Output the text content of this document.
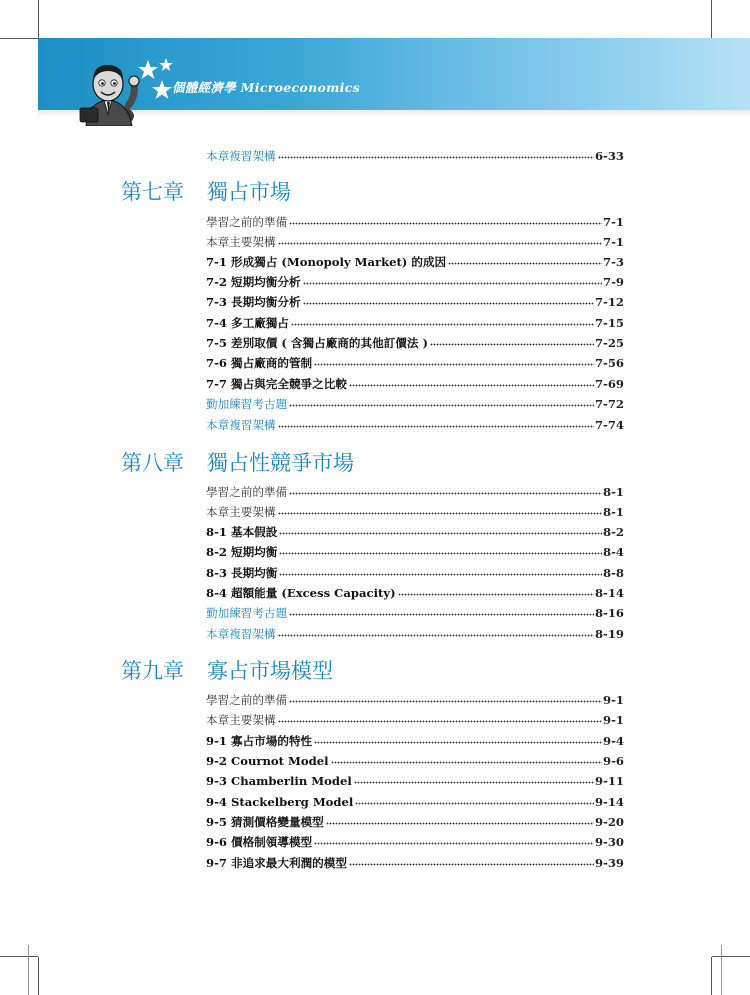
個體經濟學 Microeconomics
本章複習架構	6-33
第七章 獨占市場
學習之前的準備	7-1
本章主要架構	7-1
7-1 形成獨占 (Monopoly Market) 的成因	7-3
7-2 短期均衡分析	7-9
7-3 長期均衡分析	7-12
7-4 多工廠獨占	7-15
7-5 差別取價 ( 含獨占廠商的其他訂價法 )	7-25
7-6 獨占廠商的管制	7-56
7-7 獨占與完全競爭之比較	7-69
勤加練習考古題	7-72
本章複習架構	7-74
第八章 獨占性競爭市場
學習之前的準備	8-1
本章主要架構	8-1
8-1 基本假設	8-2
8-2 短期均衡	8-4
8-3 長期均衡	8-8
8-4 超額能量 (Excess Capacity)	8-14
勤加練習考古題	8-16
本章複習架構	8-19
第九章 寡占市場模型
學習之前的準備	9-1
本章主要架構	9-1
9-1 寡占市場的特性	9-4
9-2 Cournot Model	9-6
9-3 Chamberlin Model	9-11
9-4 Stackelberg Model	9-14
9-5 猜測價格變量模型	9-20
9-6 價格制領導模型	9-30
9-7 非追求最大利潤的模型	9-39
